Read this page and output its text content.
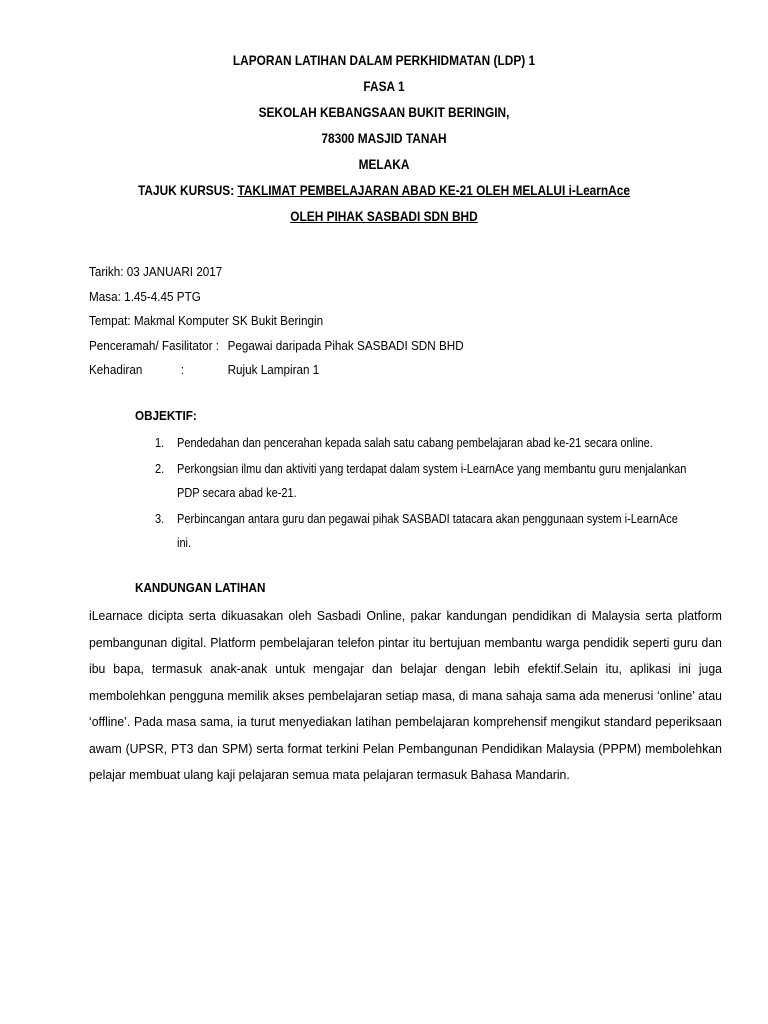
LAPORAN LATIHAN DALAM PERKHIDMATAN (LDP) 1
FASA 1
SEKOLAH KEBANGSAAN BUKIT BERINGIN,
78300 MASJID TANAH
MELAKA
TAJUK KURSUS: TAKLIMAT PEMBELAJARAN ABAD KE-21 OLEH MELALUI i-LearnAce
OLEH PIHAK SASBADI SDN BHD
Tarikh: 03 JANUARI 2017
Masa: 1.45-4.45 PTG
Tempat: Makmal Komputer SK Bukit Beringin
Penceramah/ Fasilitator : Pegawai daripada Pihak SASBADI SDN BHD
Kehadiran	:	Rujuk Lampiran 1
OBJEKTIF:
1. Pendedahan dan pencerahan kepada salah satu cabang pembelajaran abad ke-21 secara online.
2. Perkongsian ilmu dan aktiviti yang terdapat dalam system i-LearnAce yang membantu guru menjalankan PDP secara abad ke-21.
3. Perbincangan antara guru dan pegawai pihak SASBADI tatacara akan penggunaan system i-LearnAce ini.
KANDUNGAN LATIHAN
iLearnace dicipta serta dikuasakan oleh Sasbadi Online, pakar kandungan pendidikan di Malaysia serta platform pembangunan digital. Platform pembelajaran telefon pintar itu bertujuan membantu warga pendidik seperti guru dan ibu bapa, termasuk anak-anak untuk mengajar dan belajar dengan lebih efektif.Selain itu, aplikasi ini juga membolehkan pengguna memilik akses pembelajaran setiap masa, di mana sahaja sama ada menerusi ‘online’ atau ‘offline’. Pada masa sama, ia turut menyediakan latihan pembelajaran komprehensif mengikut standard peperiksaan awam (UPSR, PT3 dan SPM) serta format terkini Pelan Pembangunan Pendidikan Malaysia (PPPM) membolehkan pelajar membuat ulang kaji pelajaran semua mata pelajaran termasuk Bahasa Mandarin.
